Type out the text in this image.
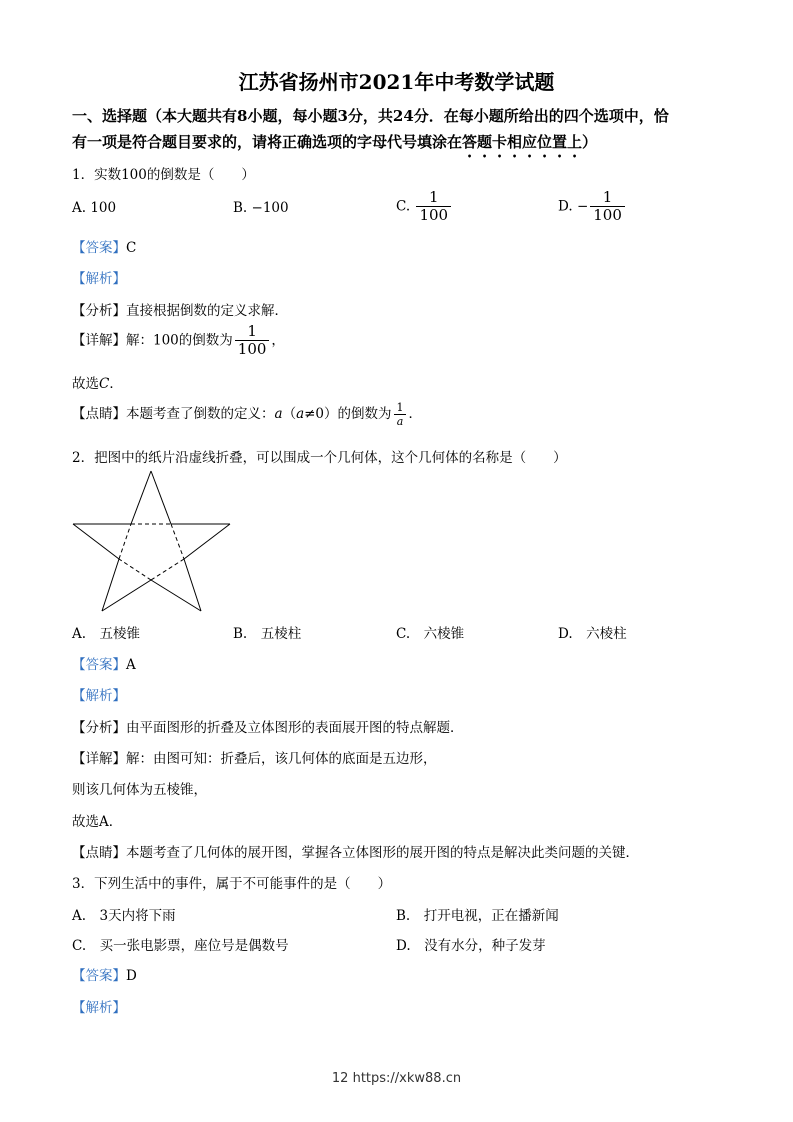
江苏省扬州市2021年中考数学试题
一、选择题（本大题共有8小题，每小题3分，共24分．在每小题所给出的四个选项中，恰
有一项是符合题目要求的，请将正确选项的字母代号填涂在答题卡相应位置上）
1．实数100的倒数是（　　）
A. 100	B. −100	C. $\frac{1}{100}$	D. − $\frac{1}{100}$
【答案】C
【解析】
【分析】直接根据倒数的定义求解．
【详解】解：100的倒数为 $\frac{1}{100}$ ，
故选C．
【点睛】本题考查了倒数的定义：a（a≠0）的倒数为 $\frac{1}{a}$ ．
2．把图中的纸片沿虚线折叠，可以围成一个几何体，这个几何体的名称是（　　）
A.　五棱锥	B.　五棱柱	C.　六棱锥	D.　六棱柱
【答案】A
【解析】
【分析】由平面图形的折叠及立体图形的表面展开图的特点解题．
【详解】解：由图可知：折叠后，该几何体的底面是五边形，
则该几何体为五棱锥，
故选A．
【点睛】本题考查了几何体的展开图，掌握各立体图形的展开图的特点是解决此类问题的关键．
3．下列生活中的事件，属于不可能事件的是（　　）
A.　3天内将下雨	B.　打开电视，正在播新闻
C.　买一张电影票，座位号是偶数号	D.　没有水分，种子发芽
【答案】D
【解析】
12 https://xkw88.cn
